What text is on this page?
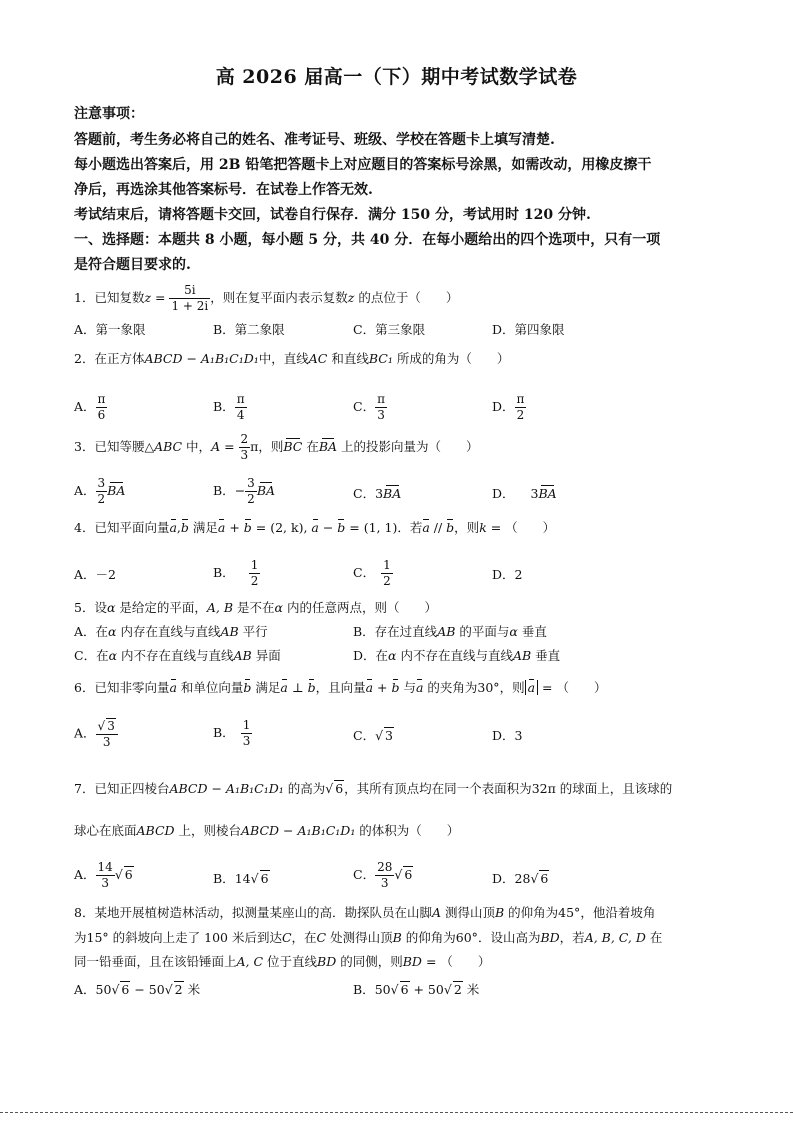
高 2026 届高一（下）期中考试数学试卷
注意事项：
答题前，考生务必将自己的姓名、准考证号、班级、学校在答题卡上填写清楚.
每小题选出答案后，用 2B 铅笔把答题卡上对应题目的答案标号涂黑，如需改动，用橡皮擦干
净后，再选涂其他答案标号．在试卷上作答无效.
考试结束后，请将答题卡交回，试卷自行保存．满分 150 分，考试用时 120 分钟.
一、选择题：本题共 8 小题，每小题 5 分，共 40 分．在每小题给出的四个选项中，只有一项
是符合题目要求的.
1．已知复数$z = \frac{5i}{1 + 2i}$ ，则在复平面内表示复数z 的点位于（　　）
A．第一象限	B．第二象限	C．第三象限	D．第四象限
2．在正方体ABCD − A₁B₁C₁D₁中，直线AC 和直线BC₁ 所成的角为（　　）
A． $\frac{\pi}{6}$	B． $\frac{\pi}{4}$	C． $\frac{\pi}{3}$	D． $\frac{\pi}{2}$
3．已知等腰△ABC 中，$A = \frac{2}{3}$ π，则BC 在BA 上的投影向量为（　　）
A． $\frac{3}{2}$ BA	B．− $\frac{3}{2}$ BA	C．3BA	D． 3BA
4．已知平面向量a,b 满足a + b = (2, k), a − b = (1, 1)．若a // b，则k = （　　）
A．－2	B． $\frac{1}{2}$	C． $\frac{1}{2}$	D．2
5．设α 是给定的平面，A, B 是不在α 内的任意两点，则（　　）
A．在α 内存在直线与直线AB 平行	B．存在过直线AB 的平面与α 垂直
C．在α 内不存在直线与直线AB 异面	D．在α 内不存在直线与直线AB 垂直
6．已知非零向量a 和单位向量b 满足a ⊥ b，且向量a + b 与a 的夹角为30°，则 a = （　　）
A． $\frac{√ 3}{3}$	B． $\frac{1}{3}$	C．√ 3	D．3
7．已知正四棱台ABCD − A₁B₁C₁D₁ 的高为√ 6，其所有顶点均在同一个表面积为32π 的球面上，且该球的
球心在底面ABCD 上，则棱台ABCD − A₁B₁C₁D₁ 的体积为（　　）
A． $\frac{14}{3}$ √ 6	B．14√ 6	C． $\frac{28}{3}$ √ 6	D．28√ 6
8．某地开展植树造林活动，拟测量某座山的高．勘探队员在山脚A 测得山顶B 的仰角为45°，他沿着坡角
为15° 的斜坡向上走了 100 米后到达C，在C 处测得山顶B 的仰角为60°．设山高为BD，若A, B, C, D 在
同一铅垂面，且在该铅锤面上A, C 位于直线BD 的同侧，则BD = （　　）
A．50√ 6 − 50√ 2 米	B．50√ 6 + 50√ 2 米
